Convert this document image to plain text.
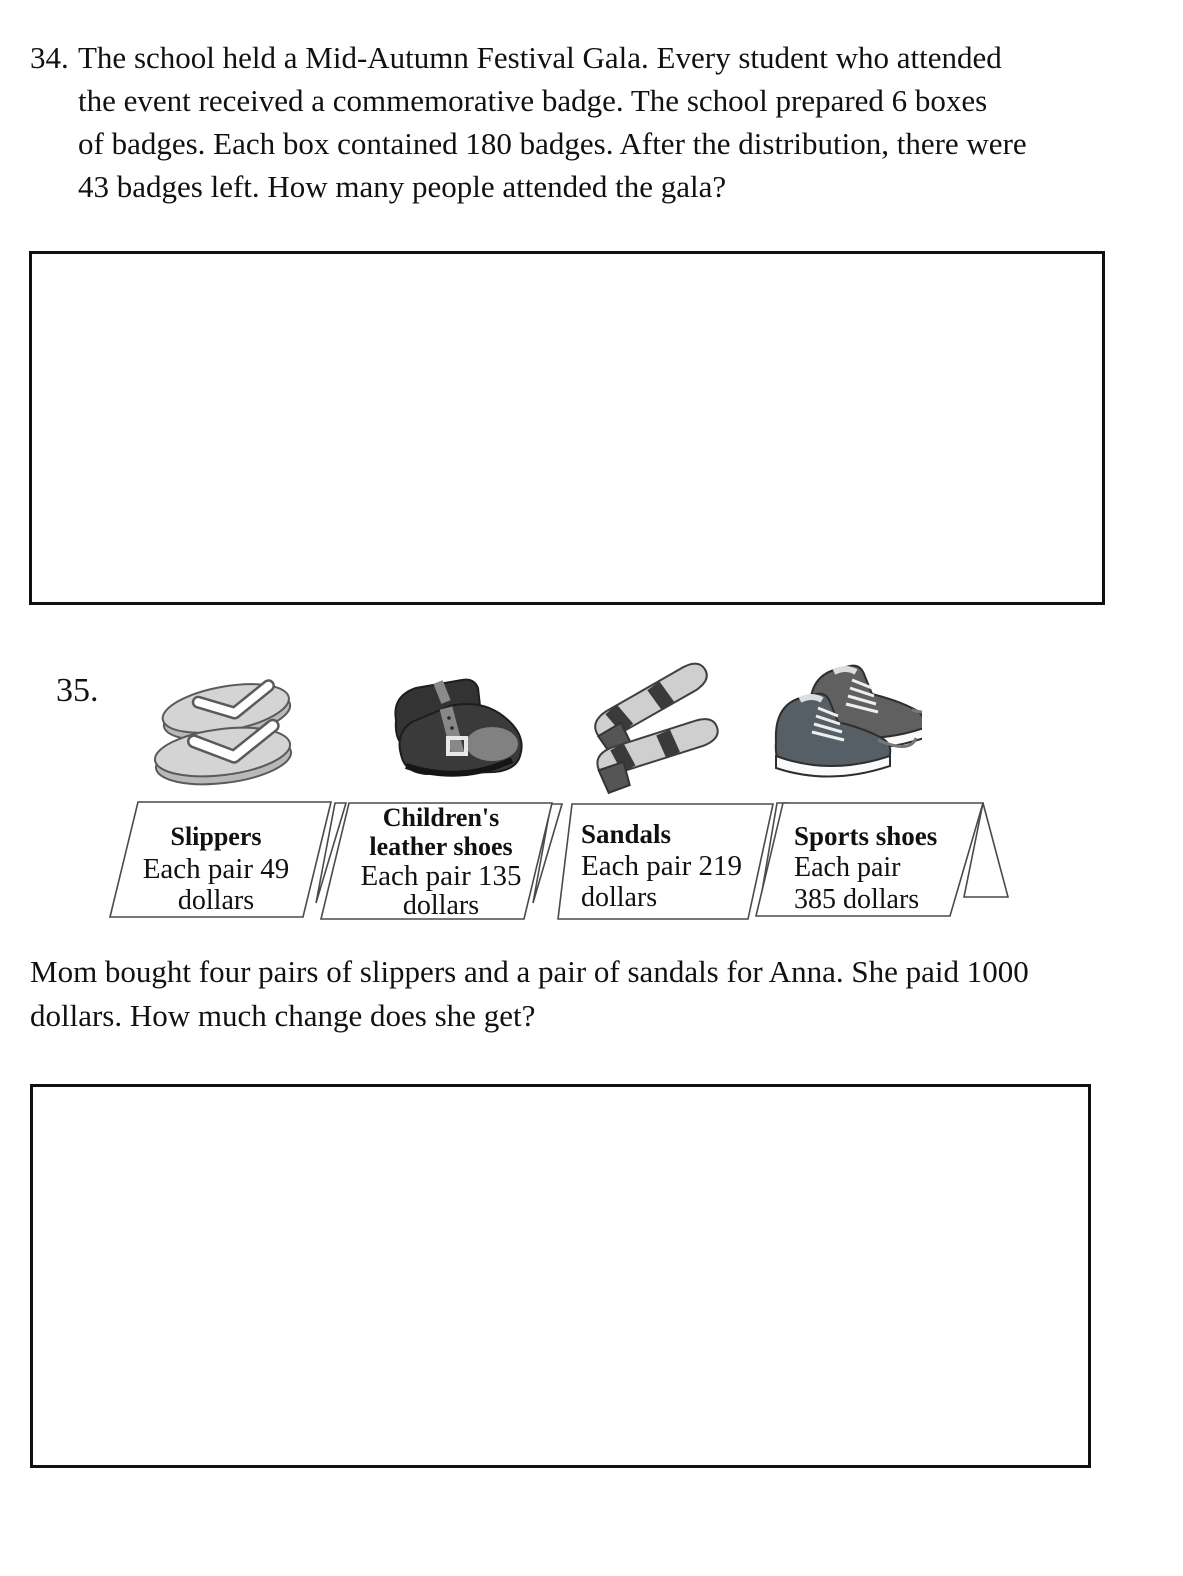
34. The school held a Mid-Autumn Festival Gala. Every student who attended
the event received a commemorative badge. The school prepared 6 boxes
of badges. Each box contained 180 badges. After the distribution, there were
43 badges left. How many people attended the gala?
35.
Slippers
Each pair 49
dollars
Children's
leather shoes
Each pair 135
dollars
Sandals
Each pair 219
dollars
Sports shoes
Each pair
385 dollars
Mom bought four pairs of slippers and a pair of sandals for Anna. She paid 1000
dollars. How much change does she get?
